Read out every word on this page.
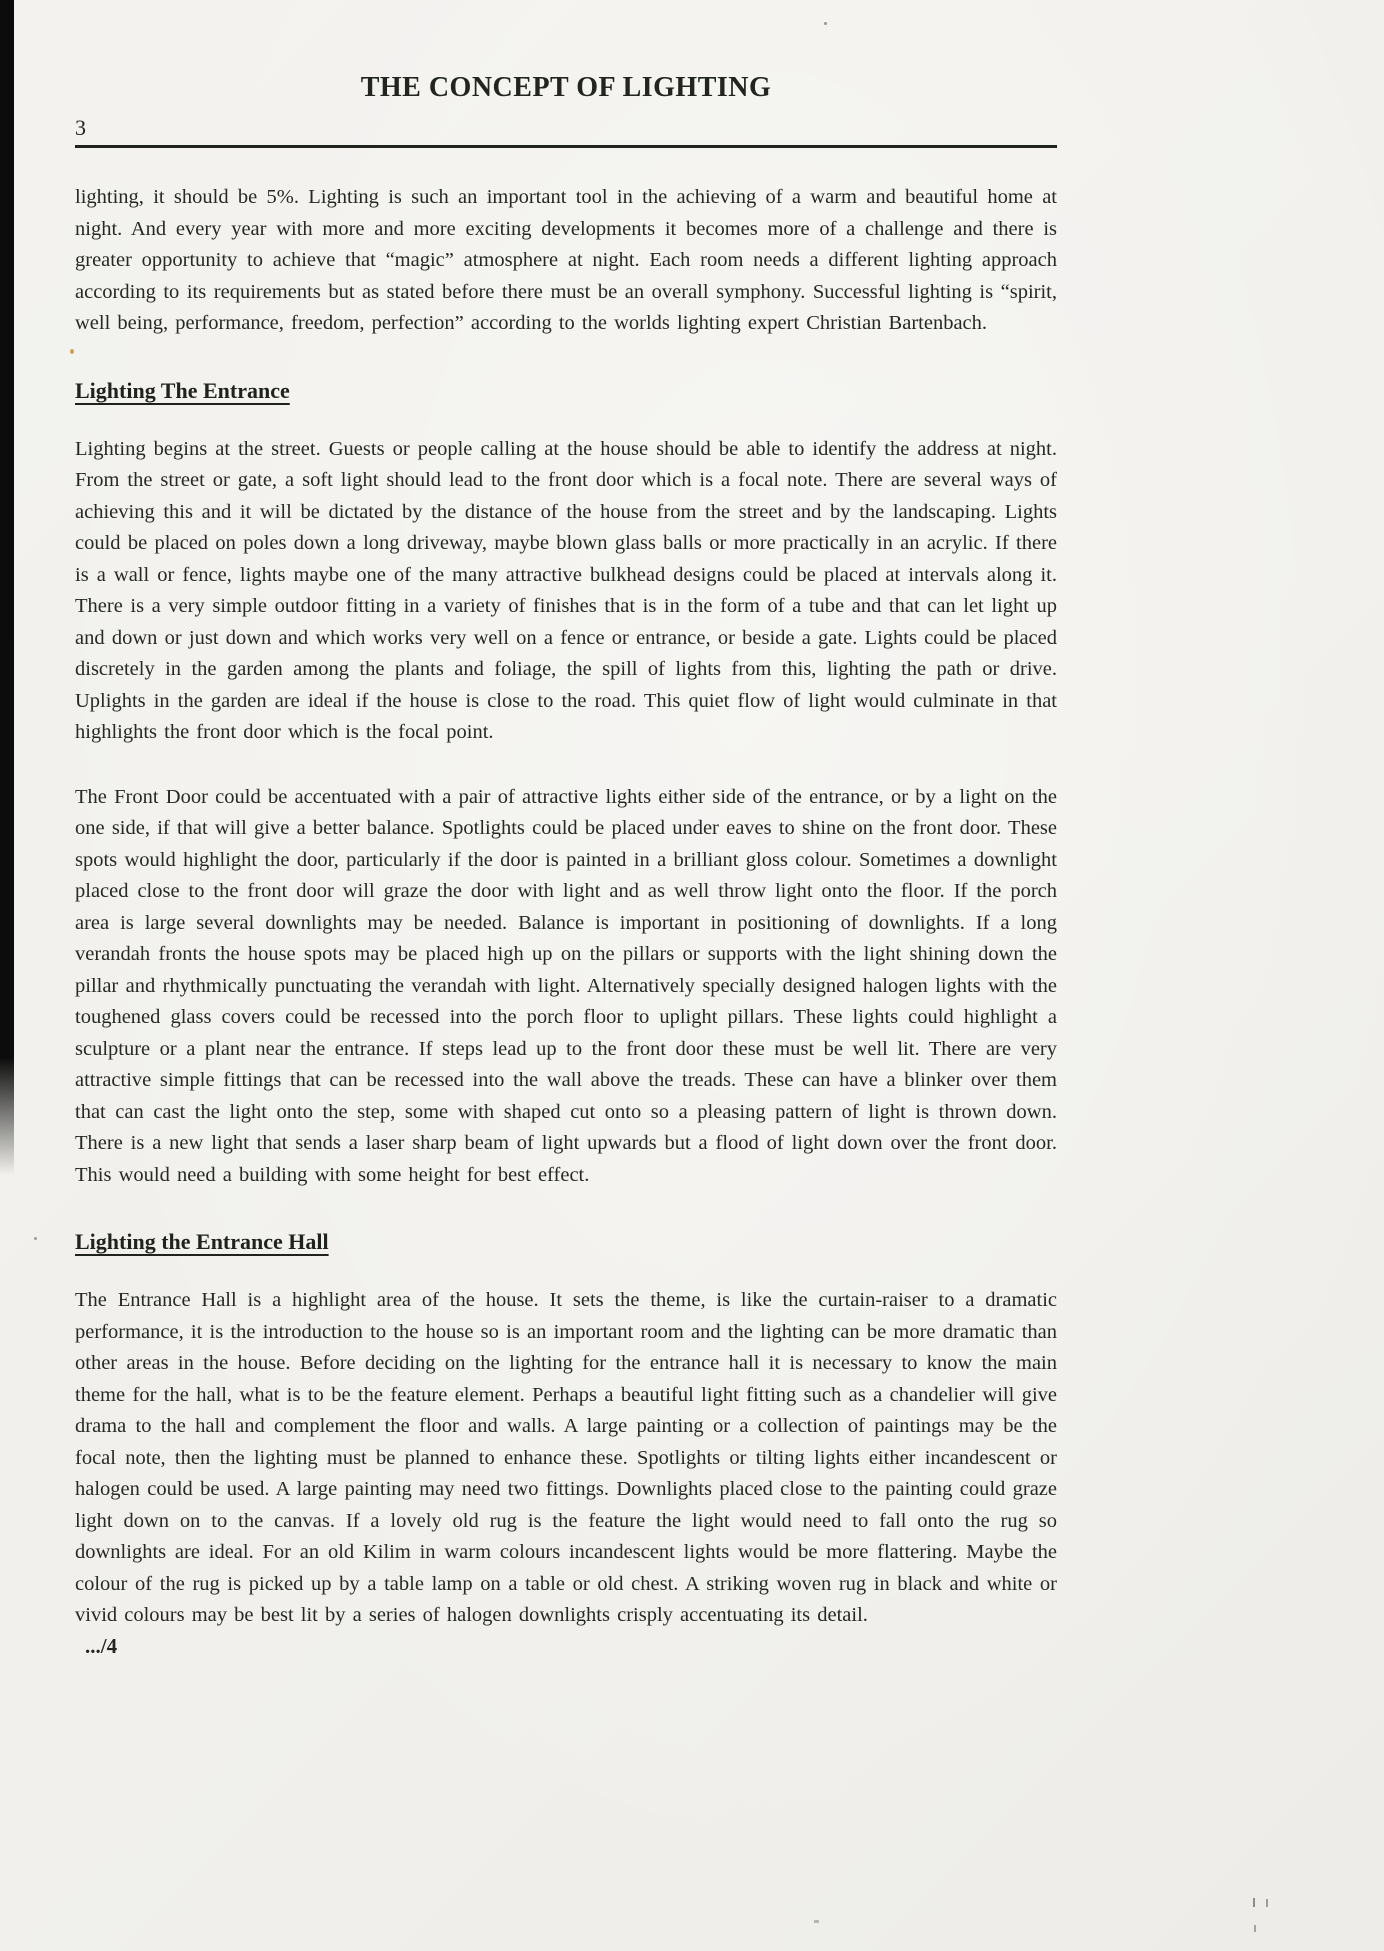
THE CONCEPT OF LIGHTING
3

lighting, it should be 5%. Lighting is such an important tool in the achieving of a warm and beautiful home at night. And every year with more and more exciting developments it becomes more of a challenge and there is greater opportunity to achieve that “magic” atmosphere at night. Each room needs a different lighting approach according to its requirements but as stated before there must be an overall symphony. Successful lighting is “spirit, well being, performance, freedom, perfection” according to the worlds lighting expert Christian Bartenbach.

Lighting The Entrance

Lighting begins at the street. Guests or people calling at the house should be able to identify the address at night. From the street or gate, a soft light should lead to the front door which is a focal note. There are several ways of achieving this and it will be dictated by the distance of the house from the street and by the landscaping. Lights could be placed on poles down a long driveway, maybe blown glass balls or more practically in an acrylic. If there is a wall or fence, lights maybe one of the many attractive bulkhead designs could be placed at intervals along it. There is a very simple outdoor fitting in a variety of finishes that is in the form of a tube and that can let light up and down or just down and which works very well on a fence or entrance, or beside a gate. Lights could be placed discretely in the garden among the plants and foliage, the spill of lights from this, lighting the path or drive. Uplights in the garden are ideal if the house is close to the road. This quiet flow of light would culminate in that highlights the front door which is the focal point.

The Front Door could be accentuated with a pair of attractive lights either side of the entrance, or by a light on the one side, if that will give a better balance. Spotlights could be placed under eaves to shine on the front door. These spots would highlight the door, particularly if the door is painted in a brilliant gloss colour. Sometimes a downlight placed close to the front door will graze the door with light and as well throw light onto the floor. If the porch area is large several downlights may be needed. Balance is important in positioning of downlights. If a long verandah fronts the house spots may be placed high up on the pillars or supports with the light shining down the pillar and rhythmically punctuating the verandah with light. Alternatively specially designed halogen lights with the toughened glass covers could be recessed into the porch floor to uplight pillars. These lights could highlight a sculpture or a plant near the entrance. If steps lead up to the front door these must be well lit. There are very attractive simple fittings that can be recessed into the wall above the treads. These can have a blinker over them that can cast the light onto the step, some with shaped cut onto so a pleasing pattern of light is thrown down. There is a new light that sends a laser sharp beam of light upwards but a flood of light down over the front door. This would need a building with some height for best effect.

Lighting the Entrance Hall

The Entrance Hall is a highlight area of the house. It sets the theme, is like the curtain-raiser to a dramatic performance, it is the introduction to the house so is an important room and the lighting can be more dramatic than other areas in the house. Before deciding on the lighting for the entrance hall it is necessary to know the main theme for the hall, what is to be the feature element. Perhaps a beautiful light fitting such as a chandelier will give drama to the hall and complement the floor and walls. A large painting or a collection of paintings may be the focal note, then the lighting must be planned to enhance these. Spotlights or tilting lights either incandescent or halogen could be used. A large painting may need two fittings. Downlights placed close to the painting could graze light down on to the canvas. If a lovely old rug is the feature the light would need to fall onto the rug so downlights are ideal. For an old Kilim in warm colours incandescent lights would be more flattering. Maybe the colour of the rug is picked up by a table lamp on a table or old chest. A striking woven rug in black and white or vivid colours may be best lit by a series of halogen downlights crisply accentuating its detail.

.../4
